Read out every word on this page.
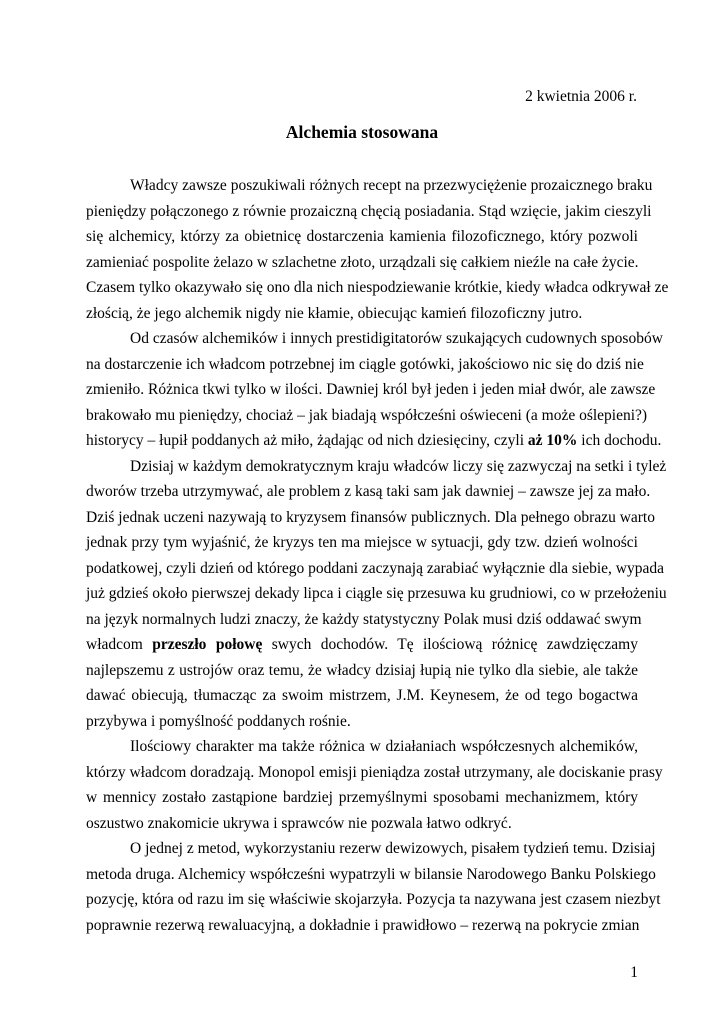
2 kwietnia 2006 r.
Alchemia stosowana
Władcy zawsze poszukiwali różnych recept na przezwyciężenie prozaicznego braku
pieniędzy połączonego z równie prozaiczną chęcią posiadania. Stąd wzięcie, jakim cieszyli
się alchemicy, którzy za obietnicę dostarczenia kamienia filozoficznego, który pozwoli
zamieniać pospolite żelazo w szlachetne złoto, urządzali się całkiem nieźle na całe życie.
Czasem tylko okazywało się ono dla nich niespodziewanie krótkie, kiedy władca odkrywał ze
złością, że jego alchemik nigdy nie kłamie, obiecując kamień filozoficzny jutro.
Od czasów alchemików i innych prestidigitatorów szukających cudownych sposobów
na dostarczenie ich władcom potrzebnej im ciągle gotówki, jakościowo nic się do dziś nie
zmieniło. Różnica tkwi tylko w ilości. Dawniej król był jeden i jeden miał dwór, ale zawsze
brakowało mu pieniędzy, chociaż – jak biadają współcześni oświeceni (a może oślepieni?)
historycy – łupił poddanych aż miło, żądając od nich dziesięciny, czyli aż 10% ich dochodu.
Dzisiaj w każdym demokratycznym kraju władców liczy się zazwyczaj na setki i tyleż
dworów trzeba utrzymywać, ale problem z kasą taki sam jak dawniej – zawsze jej za mało.
Dziś jednak uczeni nazywają to kryzysem finansów publicznych. Dla pełnego obrazu warto
jednak przy tym wyjaśnić, że kryzys ten ma miejsce w sytuacji, gdy tzw. dzień wolności
podatkowej, czyli dzień od którego poddani zaczynają zarabiać wyłącznie dla siebie, wypada
już gdzieś około pierwszej dekady lipca i ciągle się przesuwa ku grudniowi, co w przełożeniu
na język normalnych ludzi znaczy, że każdy statystyczny Polak musi dziś oddawać swym
władcom przeszło połowę swych dochodów. Tę ilościową różnicę zawdzięczamy
najlepszemu z ustrojów oraz temu, że władcy dzisiaj łupią nie tylko dla siebie, ale także
dawać obiecują, tłumacząc za swoim mistrzem, J.M. Keynesem, że od tego bogactwa
przybywa i pomyślność poddanych rośnie.
Ilościowy charakter ma także różnica w działaniach współczesnych alchemików,
którzy władcom doradzają. Monopol emisji pieniądza został utrzymany, ale dociskanie prasy
w mennicy zostało zastąpione bardziej przemyślnymi sposobami mechanizmem, który
oszustwo znakomicie ukrywa i sprawców nie pozwala łatwo odkryć.
O jednej z metod, wykorzystaniu rezerw dewizowych, pisałem tydzień temu. Dzisiaj
metoda druga. Alchemicy współcześni wypatrzyli w bilansie Narodowego Banku Polskiego
pozycję, która od razu im się właściwie skojarzyła. Pozycja ta nazywana jest czasem niezbyt
poprawnie rezerwą rewaluacyjną, a dokładnie i prawidłowo – rezerwą na pokrycie zmian
1
